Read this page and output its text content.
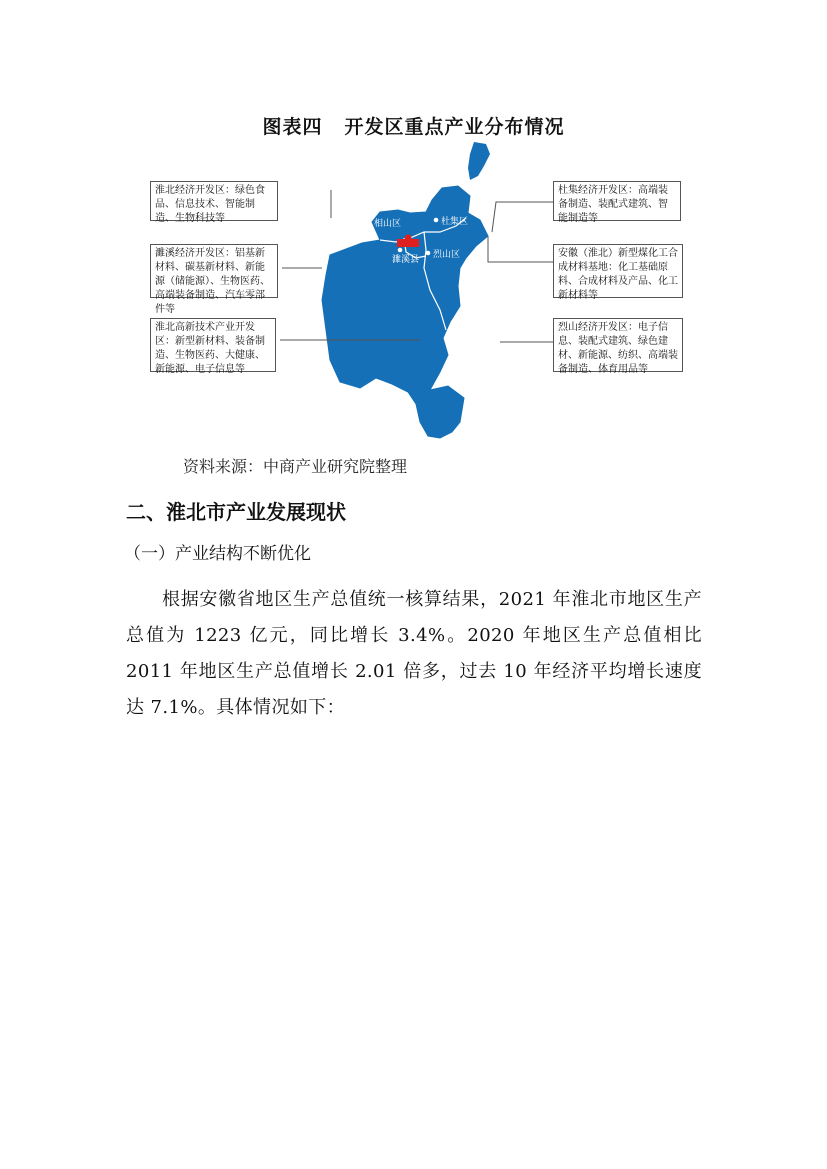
图表四 开发区重点产业分布情况
相山区	杜集区
烈山区
濉溪县
淮北经济开发区：绿色食品、信息技术、智能制造、生物科技等
濉溪经济开发区：铝基新材料、碳基新材料、新能源（储能源）、生物医药、高端装备制造、汽车零部件等
淮北高新技术产业开发区：新型新材料、装备制造、生物医药、大健康、新能源、电子信息等
杜集经济开发区：高端装备制造、装配式建筑、智能制造等
安徽（淮北）新型煤化工合成材料基地：化工基础原料、合成材料及产品、化工新材料等
烈山经济开发区：电子信息、装配式建筑、绿色建材、新能源、纺织、高端装备制造、体育用品等
资料来源：中商产业研究院整理
二、淮北市产业发展现状
（一）产业结构不断优化
根据安徽省地区生产总值统一核算结果，2021 年淮北市地区生产总值为 1223 亿元，同比增长 3.4%。2020 年地区生产总值相比 2011 年地区生产总值增长 2.01 倍多，过去 10 年经济平均增长速度达 7.1%。具体情况如下：
